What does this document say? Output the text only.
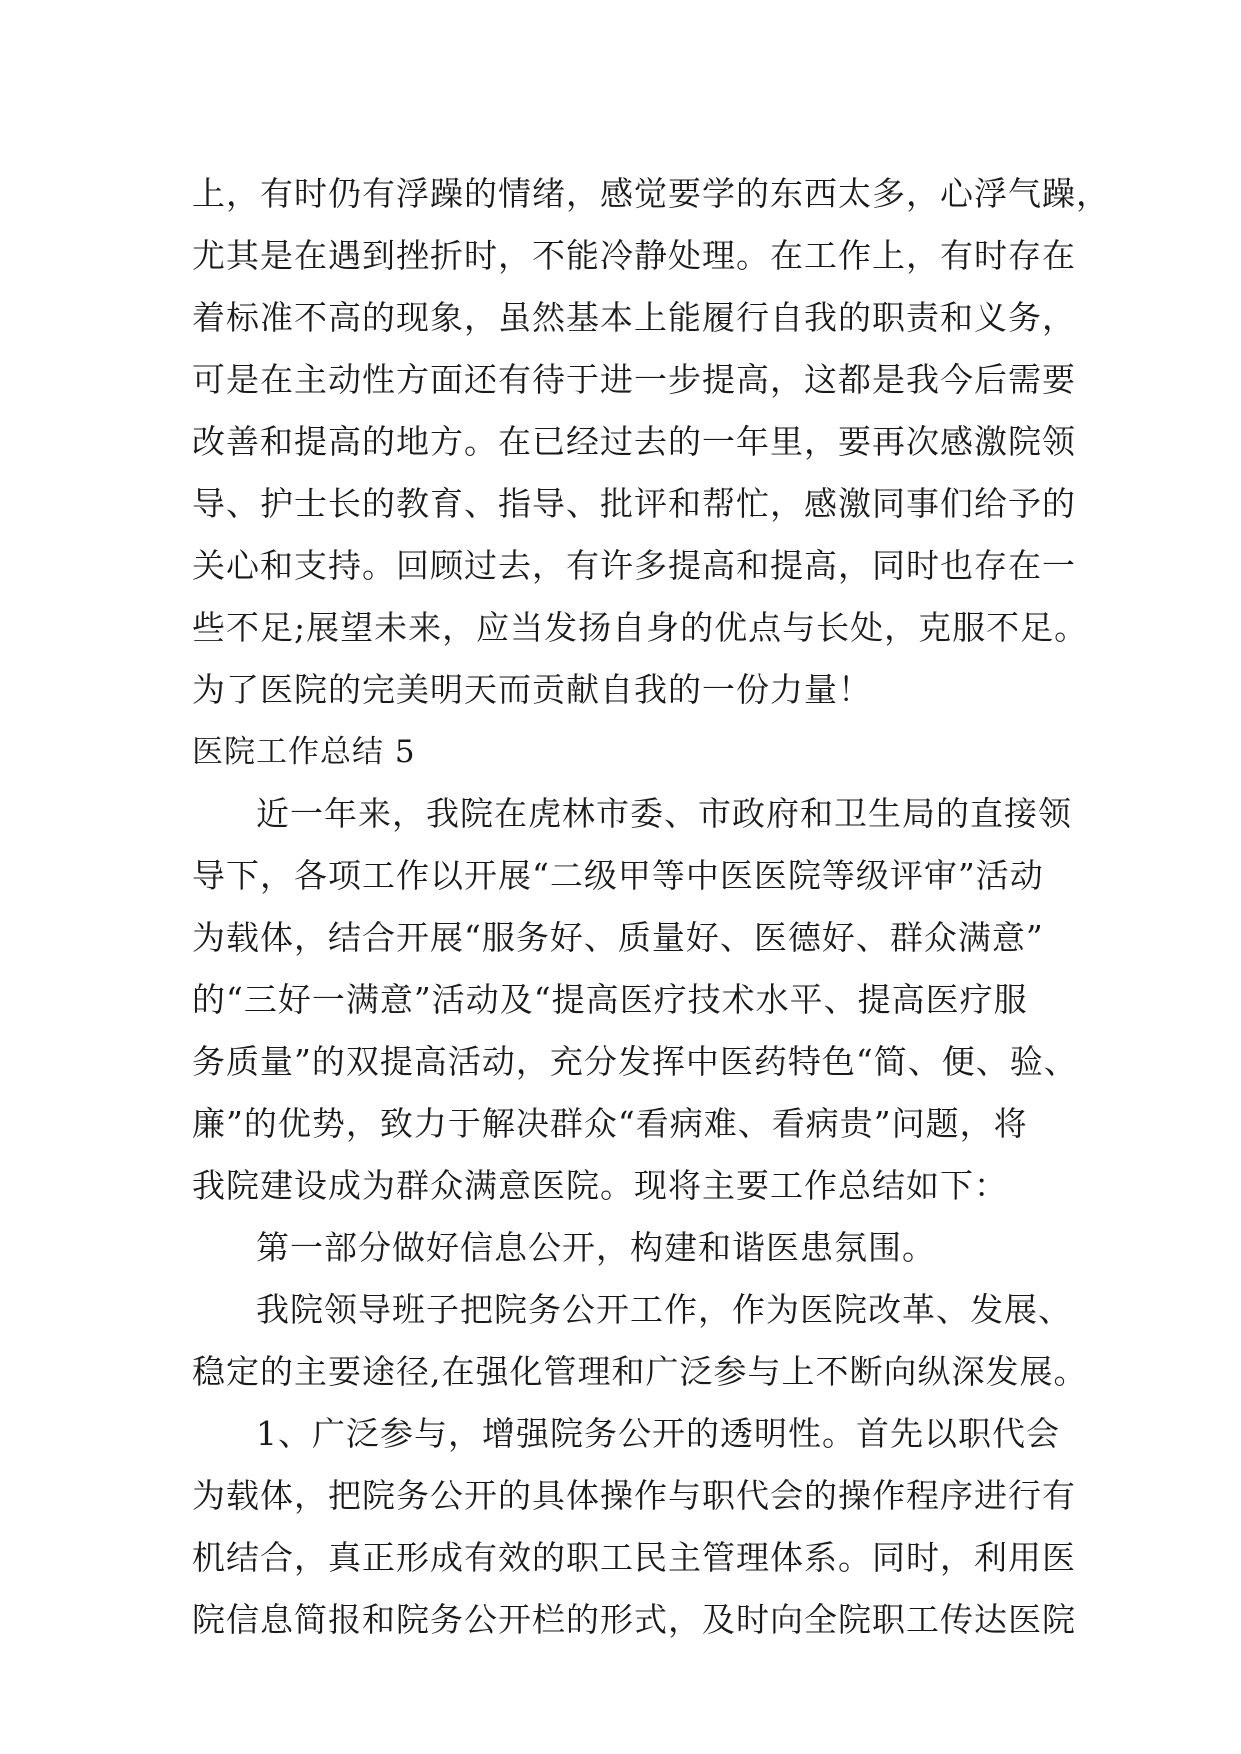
上，有时仍有浮躁的情绪，感觉要学的东西太多，心浮气躁，
尤其是在遇到挫折时，不能冷静处理。在工作上，有时存在
着标准不高的现象，虽然基本上能履行自我的职责和义务，
可是在主动性方面还有待于进一步提高，这都是我今后需要
改善和提高的地方。在已经过去的一年里，要再次感激院领
导、护士长的教育、指导、批评和帮忙，感激同事们给予的
关心和支持。回顾过去，有许多提高和提高，同时也存在一
些不足;展望未来，应当发扬自身的优点与长处，克服不足。
为了医院的完美明天而贡献自我的一份力量！
医院工作总结 5
近一年来，我院在虎林市委、市政府和卫生局的直接领
导下，各项工作以开展“二级甲等中医医院等级评审”活动
为载体，结合开展“服务好、质量好、医德好、群众满意”
的“三好一满意”活动及“提高医疗技术水平、提高医疗服
务质量”的双提高活动，充分发挥中医药特色“简、便、验、
廉”的优势，致力于解决群众“看病难、看病贵”问题，将
我院建设成为群众满意医院。现将主要工作总结如下：
第一部分做好信息公开，构建和谐医患氛围。
我院领导班子把院务公开工作，作为医院改革、发展、
稳定的主要途径,在强化管理和广泛参与上不断向纵深发展。
1、广泛参与，增强院务公开的透明性。首先以职代会
为载体，把院务公开的具体操作与职代会的操作程序进行有
机结合，真正形成有效的职工民主管理体系。同时，利用医
院信息简报和院务公开栏的形式，及时向全院职工传达医院
